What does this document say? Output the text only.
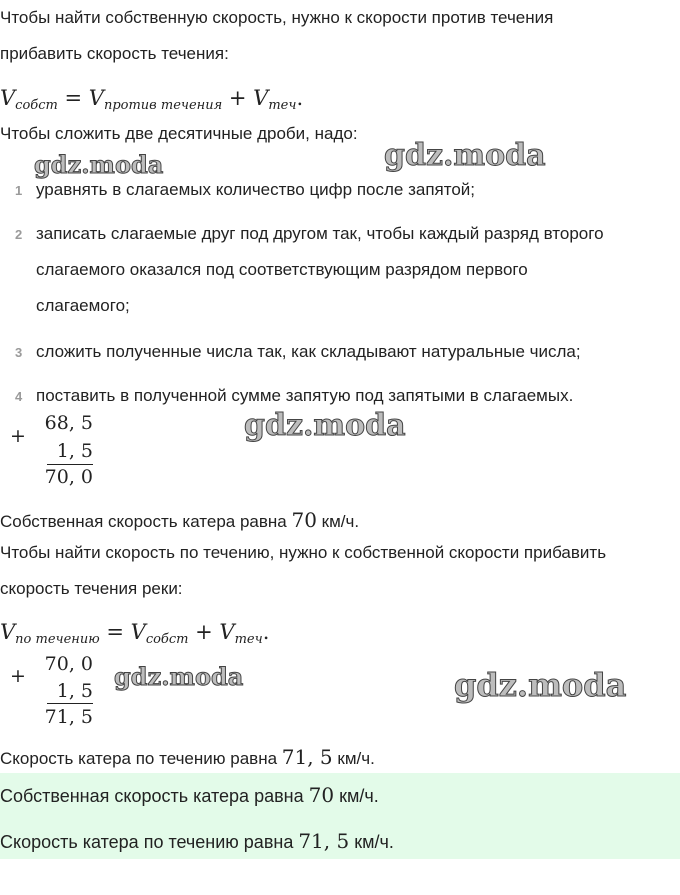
Чтобы найти собственную скорость, нужно к скорости против течения
прибавить скорость течения:
$V_{собст} = V_{против течения} + V_{теч}$.
Чтобы сложить две десятичные дроби, надо:
gdz.moda	gdz.moda
gdz.moda
gdz.moda	gdz.moda
1 уравнять в слагаемых количество цифр после запятой;
2 записать слагаемые друг под другом так, чтобы каждый разряд второго
слагаемого оказался под соответствующим разрядом первого
слагаемого;
3 сложить полученные числа так, как складывают натуральные числа;
4 поставить в полученной сумме запятую под запятыми в слагаемых.
+
68, 5
1, 5
70, 0
Собственная скорость катера равна 70 км/ч.
Чтобы найти скорость по течению, нужно к собственной скорости прибавить
скорость течения реки:
$V_{по течению} = V_{собст} + V_{теч}$.
+
70, 0
1, 5
71, 5
Скорость катера по течению равна 71, 5 км/ч.
Собственная скорость катера равна 70 км/ч.
Скорость катера по течению равна 71, 5 км/ч.
